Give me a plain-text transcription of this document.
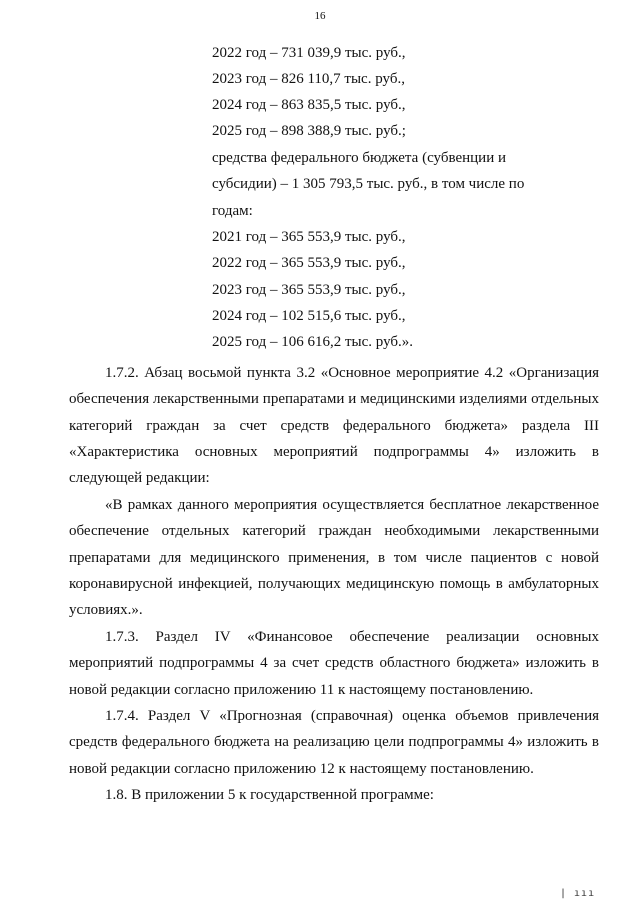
16
2022 год – 731 039,9 тыс. руб.,
2023 год – 826 110,7 тыс. руб.,
2024 год – 863 835,5 тыс. руб.,
2025 год – 898 388,9 тыс. руб.;
средства федерального бюджета (субвенции и
субсидии) – 1 305 793,5 тыс. руб., в том числе по
годам:
2021 год – 365 553,9 тыс. руб.,
2022 год – 365 553,9 тыс. руб.,
2023 год – 365 553,9 тыс. руб.,
2024 год – 102 515,6 тыс. руб.,
2025 год – 106 616,2 тыс. руб.».

1.7.2. Абзац восьмой пункта 3.2 «Основное мероприятие 4.2 «Организация обеспечения лекарственными препаратами и медицинскими изделиями отдельных категорий граждан за счет средств федерального бюджета» раздела III «Характеристика основных мероприятий подпрограммы 4» изложить в следующей редакции:

«В рамках данного мероприятия осуществляется бесплатное лекарственное обеспечение отдельных категорий граждан необходимыми лекарственными препаратами для медицинского применения, в том числе пациентов с новой коронавирусной инфекцией, получающих медицинскую помощь в амбулаторных условиях.».

1.7.3. Раздел IV «Финансовое обеспечение реализации основных мероприятий подпрограммы 4 за счет средств областного бюджета» изложить в новой редакции согласно приложению 11 к настоящему постановлению.

1.7.4. Раздел V «Прогнозная (справочная) оценка объемов привлечения средств федерального бюджета на реализацию цели подпрограммы 4» изложить в новой редакции согласно приложению 12 к настоящему постановлению.

1.8. В приложении 5 к государственной программе:

| ııı
